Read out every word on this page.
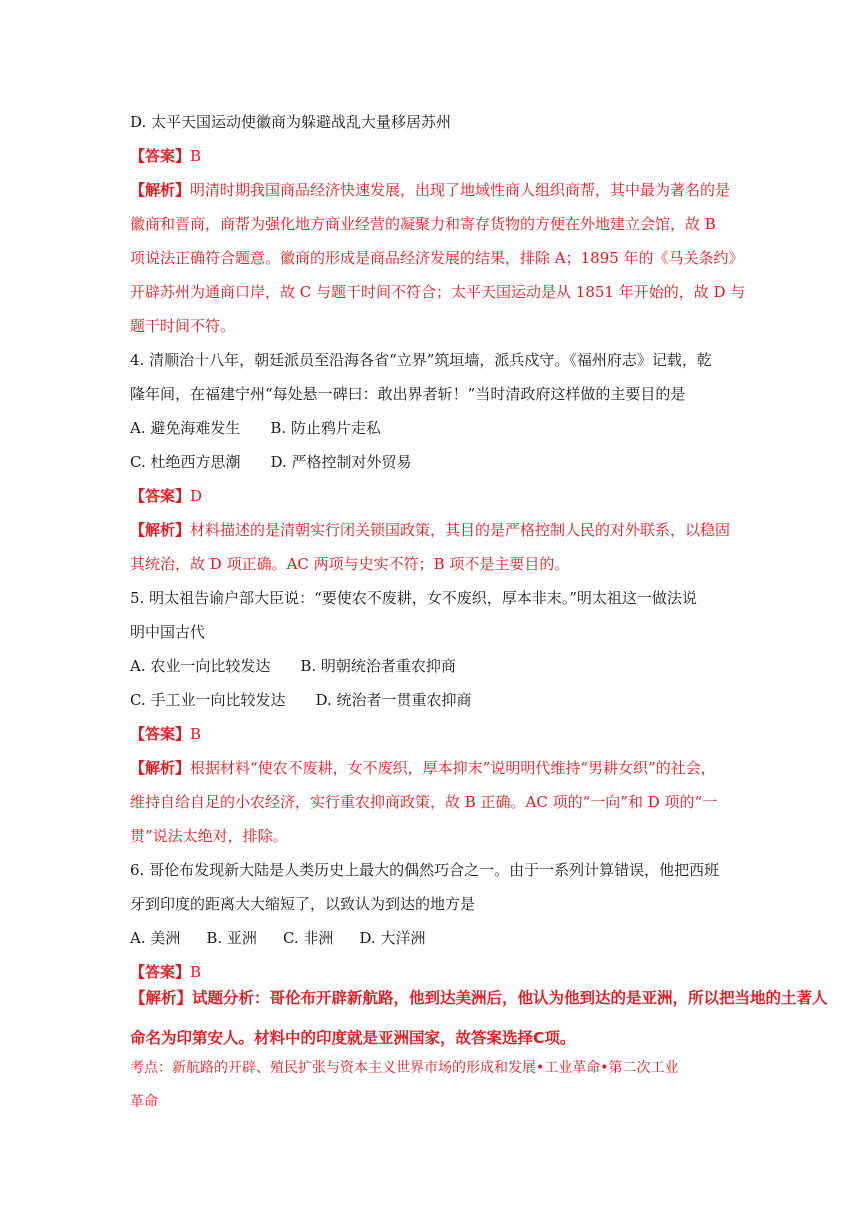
D. 太平天国运动使徽商为躲避战乱大量移居苏州
【答案】B
【解析】明清时期我国商品经济快速发展，出现了地域性商人组织商帮，其中最为著名的是
徽商和晋商，商帮为强化地方商业经营的凝聚力和寄存货物的方便在外地建立会馆，故 B
项说法正确符合题意。徽商的形成是商品经济发展的结果，排除 A；1895 年的《马关条约》
开辟苏州为通商口岸，故 C 与题干时间不符合；太平天国运动是从 1851 年开始的，故 D 与
题干时间不符。
4. 清顺治十八年，朝廷派员至沿海各省“立界”筑垣墙，派兵戍守。《福州府志》记载，乾
隆年间，在福建宁州“每处悬一碑曰：敢出界者斩！”当时清政府这样做的主要目的是
A. 避免海难发生 B. 防止鸦片走私
C. 杜绝西方思潮 D. 严格控制对外贸易
【答案】D
【解析】材料描述的是清朝实行闭关锁国政策，其目的是严格控制人民的对外联系，以稳固
其统治，故 D 项正确。AC 两项与史实不符；B 项不是主要目的。
5. 明太祖告谕户部大臣说：“要使农不废耕，女不废织，厚本非末。”明太祖这一做法说
明中国古代
A. 农业一向比较发达 B. 明朝统治者重农抑商
C. 手工业一向比较发达 D. 统治者一贯重农抑商
【答案】B
【解析】根据材料“使农不废耕，女不废织，厚本抑末”说明明代维持“男耕女织”的社会，
维持自给自足的小农经济，实行重农抑商政策，故 B 正确。AC 项的“一向”和 D 项的“一
贯”说法太绝对，排除。
6. 哥伦布发现新大陆是人类历史上最大的偶然巧合之一。由于一系列计算错误，他把西班
牙到印度的距离大大缩短了，以致认为到达的地方是
A. 美洲 B. 亚洲 C. 非洲 D. 大洋洲
【答案】B
【解析】试题分析：哥伦布开辟新航路，他到达美洲后，他认为他到达的是亚洲，所以把当地的土著人
命名为印第安人。材料中的印度就是亚洲国家，故答案选择C项。
考点：新航路的开辟、殖民扩张与资本主义世界市场的形成和发展•工业革命•第二次工业
革命
